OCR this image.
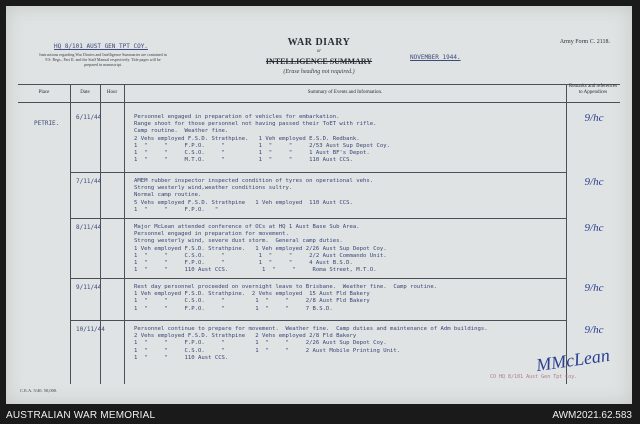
WAR DIARY
or
INTELLIGENCE SUMMARY
(Erase heading not required.)
Army Form C. 2118.
HQ 8/101 AUST GEN TPT COY.
NOVEMBER 1944.
Instructions regarding War Diaries and Intelligence Summaries are contained in F.S. Regs., Part II. and the Staff Manual respectively. Title pages will be prepared in manuscript.
Place	Date	Hour	Summary of Events and Information.
Remarks and references to Appendices
PETRIE.
6/11/44	Personnel engaged in preparation of vehicles for embarkation.
Range shoot for those personnel not having passed their ToET with rifle.
Camp routine.  Weather fine.
2 Vehs employed F.S.D. Strathpine.   1 Veh employed E.S.D. Redbank.
1  "     "     F.P.O.     "          1  "     "     2/53 Aust Sup Depot Coy.
1  "     "     C.S.O.     "          1  "     "     1 Aust BF's Depot.
1  "     "     M.T.O.     "          1  "     "     110 Aust CCS.
9/hc
7/11/44	AMEM rubber inspector inspected condition of tyres on operational vehs.
Strong westerly wind,weather conditions sultry.
Normal camp routine.
5 Vehs employed F.S.D. Strathpine   1 Veh employed  110 Aust CCS.
1  "     "     F.P.O.   "
9/hc
8/11/44	Major McLean attended conference of OCs at HQ 1 Aust Base Sub Area.
Personnel engaged in preparation for movement.
Strong westerly wind, severe dust storm.  General camp duties.
1 Veh employed F.S.D. Strathpine.   1 Veh employed 2/26 Aust Sup Depot Coy.
1  "     "     C.S.O.     "          1  "     "     2/2 Aust Commando Unit.
1  "     "     F.P.O.     "          1  "     "     4 Aust B.S.D.
1  "     "     110 Aust CCS.          1  "     "     Roma Street, M.T.O.
9/hc
9/11/44	Rest day personnel proceeded on overnight leave to Brisbane.  Weather fine.  Camp routine.
1 Veh employed F.S.D. Strathpine.  2 Vehs employed  15 Aust Fld Bakery
1  "     "     C.S.O.     "         1  "     "     2/8 Aust Fld Bakery
1  "     "     F.P.O.     "         1  "     "     7 B.S.D.
9/hc
10/11/44	Personnel continue to prepare for movement.  Weather fine.  Camp duties and maintenance of Adm buildings.
2 Vehs employed F.S.D. Strathpine   2 Vehs employed 2/8 Fld Bakery
1  "     "     F.P.O.     "         1  "     "     2/26 Aust Sup Depot Coy.
1  "     "     C.S.O.     "         1  "     "     2 Aust Mobile Printing Unit.
1  "     "     110 Aust CCS.
9/hc
MMcLean
CO HQ 8/101 Aust Gen Tpt Coy.
C.E.A. 5/40. 50,000.
AUSTRALIAN WAR MEMORIAL	AWM2021.62.583
